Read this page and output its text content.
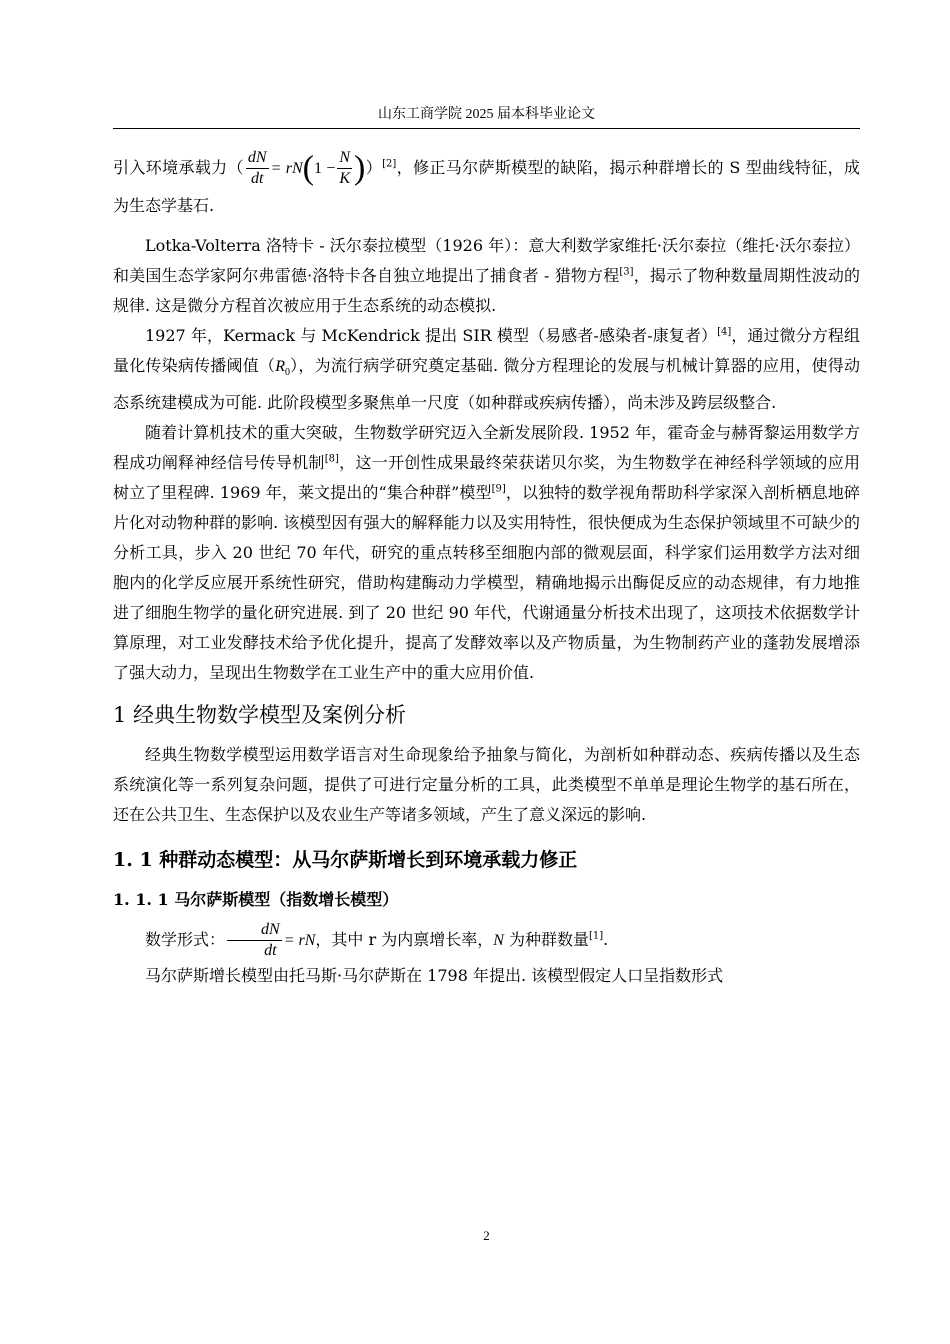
山东工商学院 2025 届本科毕业论文

引入环境承载力（ $\frac{dN}{dt} = rN(1 - \frac{N}{K} ))[2]$，修正马尔萨斯模型的缺陷，揭示种群增长的 S 型曲线特征，成为生态学基石.

Lotka-Volterra 洛特卡 - 沃尔泰拉模型（1926 年）：意大利数学家维托·沃尔泰拉（维托·沃尔泰拉）和美国生态学家阿尔弗雷德·洛特卡各自独立地提出了捕食者 - 猎物方程[3]，揭示了物种数量周期性波动的规律. 这是微分方程首次被应用于生态系统的动态模拟.

1927 年，Kermack 与 McKendrick 提出 SIR 模型（易感者-感染者-康复者）[4]，通过微分方程组量化传染病传播阈值$(R_0)$，为流行病学研究奠定基础. 微分方程理论的发展与机械计算器的应用，使得动态系统建模成为可能. 此阶段模型多聚焦单一尺度（如种群或疾病传播），尚未涉及跨层级整合.

随着计算机技术的重大突破，生物数学研究迈入全新发展阶段. 1952 年，霍奇金与赫胥黎运用数学方程成功阐释神经信号传导机制[8]，这一开创性成果最终荣获诺贝尔奖，为生物数学在神经科学领域的应用树立了里程碑. 1969 年，莱文提出的“集合种群”模型[9]，以独特的数学视角帮助科学家深入剖析栖息地碎片化对动物种群的影响. 该模型因有强大的解释能力以及实用特性，很快便成为生态保护领域里不可缺少的分析工具，步入 20 世纪 70 年代，研究的重点转移至细胞内部的微观层面，科学家们运用数学方法对细胞内的化学反应展开系统性研究，借助构建酶动力学模型，精确地揭示出酶促反应的动态规律，有力地推进了细胞生物学的量化研究进展. 到了 20 世纪 90 年代，代谢通量分析技术出现了，这项技术依据数学计算原理，对工业发酵技术给予优化提升，提高了发酵效率以及产物质量，为生物制药产业的蓬勃发展增添了强大动力，呈现出生物数学在工业生产中的重大应用价值.

1 经典生物数学模型及案例分析

经典生物数学模型运用数学语言对生命现象给予抽象与简化，为剖析如种群动态、疾病传播以及生态系统演化等一系列复杂问题，提供了可进行定量分析的工具，此类模型不单单是理论生物学的基石所在，还在公共卫生、生态保护以及农业生产等诸多领域，产生了意义深远的影响.

1. 1 种群动态模型：从马尔萨斯增长到环境承载力修正
1. 1. 1 马尔萨斯模型（指数增长模型）

数学形式： $\frac{dN}{dt}$ = rN，其中 r 为内禀增长率，N 为种群数量[1].

马尔萨斯增长模型由托马斯·马尔萨斯在 1798 年提出. 该模型假定人口呈指数形式

2
